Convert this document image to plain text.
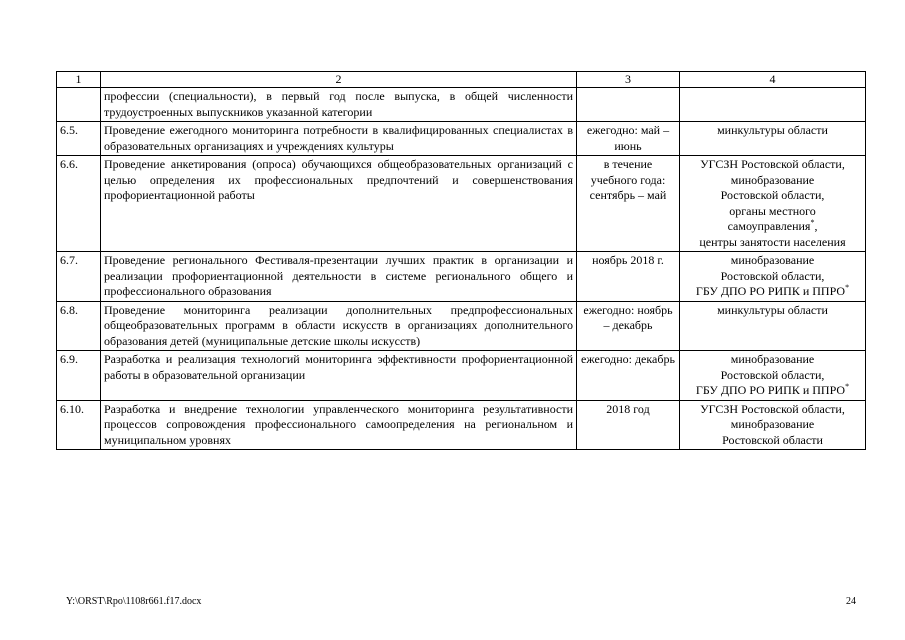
1	2	3	4
	профессии (специальности), в первый год после выпуска, в общей численности трудоустроенных выпускников указанной категории		
6.5.	Проведение ежегодного мониторинга потребности в квалифицированных специалистах в образовательных организациях и учреждениях культуры	ежегодно: май – июнь	минкультуры области

6.6.	Проведение анкетирования (опроса) обучающихся общеобразовательных организаций с целью определения их профессиональных предпочтений и совершенствования профориентационной работы	в течение учебного года: сентябрь – май	УГСЗН Ростовской области,
минобразование
Ростовской области,
органы местного самоуправления*,
центры занятости населения

6.7.	Проведение регионального Фестиваля-презентации лучших практик в организации и реализации профориентационной деятельности в системе регионального общего и профессионального образования	ноябрь 2018 г.	минобразование
Ростовской области,
ГБУ ДПО РО РИПК и ППРО*

6.8.	Проведение мониторинга реализации дополнительных предпрофессиональных общеобразовательных программ в области искусств в организациях дополнительного образования детей (муниципальные детские школы искусств)	ежегодно: ноябрь – декабрь	минкультуры области

6.9.	Разработка и реализация технологий мониторинга эффективности профориентационной работы в образовательной организации	ежегодно: декабрь	минобразование
Ростовской области,
ГБУ ДПО РО РИПК и ППРО*

6.10.	Разработка и внедрение технологии управленческого мониторинга результативности процессов сопровождения профессионального самоопределения на региональном и муниципальном уровнях	2018 год	УГСЗН Ростовской области,
минобразование
Ростовской области
Y:\ORST\Rpo\1108r661.f17.docx	24
